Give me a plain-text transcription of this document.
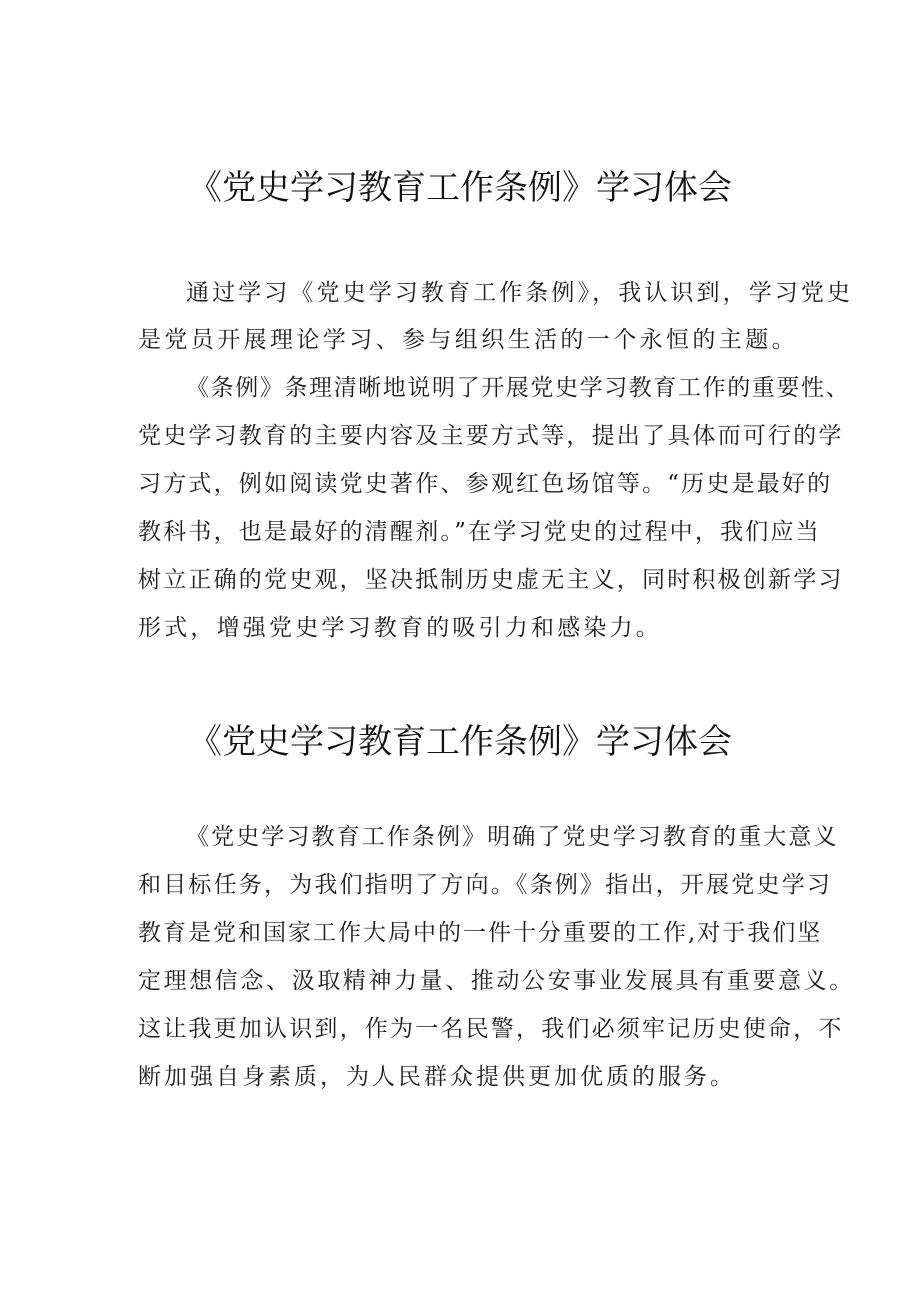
《党史学习教育工作条例》学习体会
通过学习《党史学习教育工作条例》，我认识到，学习党史
是党员开展理论学习、参与组织生活的一个永恒的主题。
《条例》条理清晰地说明了开展党史学习教育工作的重要性、
党史学习教育的主要内容及主要方式等，提出了具体而可行的学
习方式，例如阅读党史著作、参观红色场馆等。“历史是最好的
教科书，也是最好的清醒剂。”在学习党史的过程中，我们应当
树立正确的党史观，坚决抵制历史虚无主义，同时积极创新学习
形式，增强党史学习教育的吸引力和感染力。
《党史学习教育工作条例》学习体会
《党史学习教育工作条例》明确了党史学习教育的重大意义
和目标任务，为我们指明了方向。《条例》指出，开展党史学习
教育是党和国家工作大局中的一件十分重要的工作,对于我们坚
定理想信念、汲取精神力量、推动公安事业发展具有重要意义。
这让我更加认识到，作为一名民警，我们必须牢记历史使命，不
断加强自身素质，为人民群众提供更加优质的服务。
